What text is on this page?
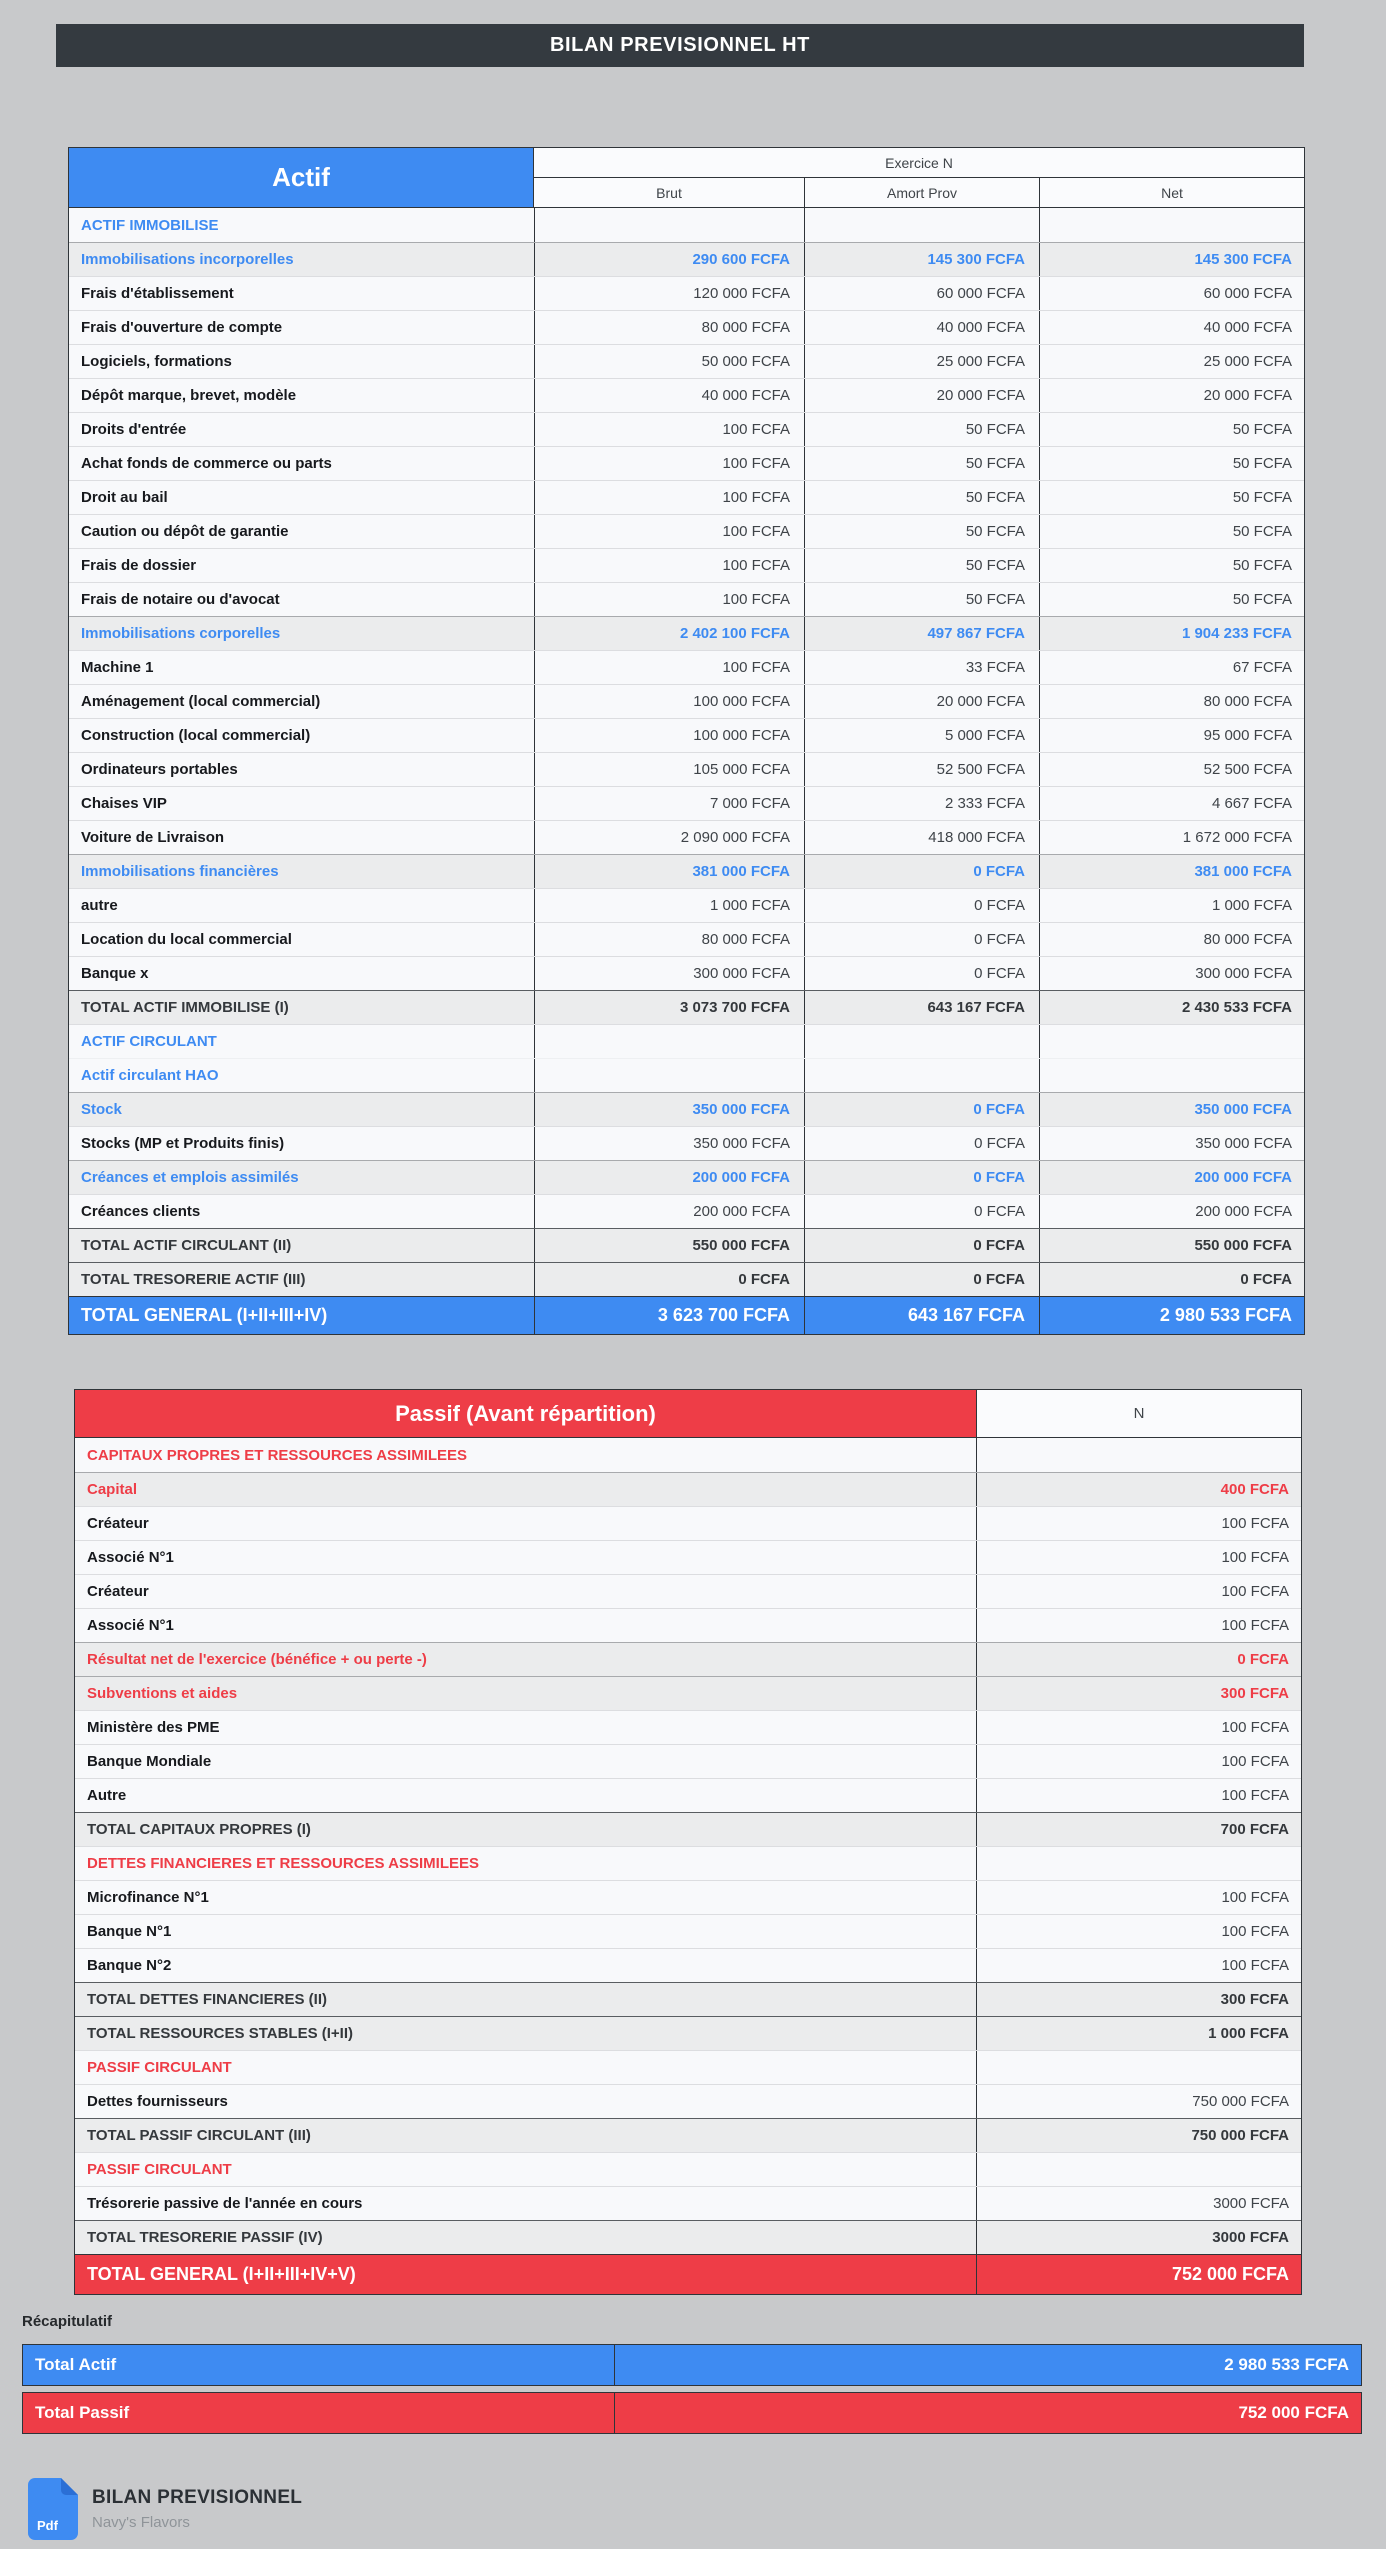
BILAN PREVISIONNEL HT
Actif	Exercice N
Brut	Amort Prov	Net
ACTIF IMMOBILISE
Immobilisations incorporelles	290 600 FCFA	145 300 FCFA	145 300 FCFA
Frais d'établissement	120 000 FCFA	60 000 FCFA	60 000 FCFA
Frais d'ouverture de compte	80 000 FCFA	40 000 FCFA	40 000 FCFA
Logiciels, formations	50 000 FCFA	25 000 FCFA	25 000 FCFA
Dépôt marque, brevet, modèle	40 000 FCFA	20 000 FCFA	20 000 FCFA
Droits d'entrée	100 FCFA	50 FCFA	50 FCFA
Achat fonds de commerce ou parts	100 FCFA	50 FCFA	50 FCFA
Droit au bail	100 FCFA	50 FCFA	50 FCFA
Caution ou dépôt de garantie	100 FCFA	50 FCFA	50 FCFA
Frais de dossier	100 FCFA	50 FCFA	50 FCFA
Frais de notaire ou d'avocat	100 FCFA	50 FCFA	50 FCFA
Immobilisations corporelles	2 402 100 FCFA	497 867 FCFA	1 904 233 FCFA
Machine 1	100 FCFA	33 FCFA	67 FCFA
Aménagement (local commercial)	100 000 FCFA	20 000 FCFA	80 000 FCFA
Construction (local commercial)	100 000 FCFA	5 000 FCFA	95 000 FCFA
Ordinateurs portables	105 000 FCFA	52 500 FCFA	52 500 FCFA
Chaises VIP	7 000 FCFA	2 333 FCFA	4 667 FCFA
Voiture de Livraison	2 090 000 FCFA	418 000 FCFA	1 672 000 FCFA
Immobilisations financières	381 000 FCFA	0 FCFA	381 000 FCFA
autre	1 000 FCFA	0 FCFA	1 000 FCFA
Location du local commercial	80 000 FCFA	0 FCFA	80 000 FCFA
Banque x	300 000 FCFA	0 FCFA	300 000 FCFA
TOTAL ACTIF IMMOBILISE (I)	3 073 700 FCFA	643 167 FCFA	2 430 533 FCFA
ACTIF CIRCULANT
Actif circulant HAO
Stock	350 000 FCFA	0 FCFA	350 000 FCFA
Stocks (MP et Produits finis)	350 000 FCFA	0 FCFA	350 000 FCFA
Créances et emplois assimilés	200 000 FCFA	0 FCFA	200 000 FCFA
Créances clients	200 000 FCFA	0 FCFA	200 000 FCFA
TOTAL ACTIF CIRCULANT (II)	550 000 FCFA	0 FCFA	550 000 FCFA
TOTAL TRESORERIE ACTIF (III)	0 FCFA	0 FCFA	0 FCFA
TOTAL GENERAL (I+II+III+IV)	3 623 700 FCFA	643 167 FCFA	2 980 533 FCFA
Passif (Avant répartition)	N
CAPITAUX PROPRES ET RESSOURCES ASSIMILEES
Capital	400 FCFA
Créateur	100 FCFA
Associé N°1	100 FCFA
Créateur	100 FCFA
Associé N°1	100 FCFA
Résultat net de l'exercice (bénéfice + ou perte -)	0 FCFA
Subventions et aides	300 FCFA
Ministère des PME	100 FCFA
Banque Mondiale	100 FCFA
Autre	100 FCFA
TOTAL CAPITAUX PROPRES (I)	700 FCFA
DETTES FINANCIERES ET RESSOURCES ASSIMILEES
Microfinance N°1	100 FCFA
Banque N°1	100 FCFA
Banque N°2	100 FCFA
TOTAL DETTES FINANCIERES (II)	300 FCFA
TOTAL RESSOURCES STABLES (I+II)	1 000 FCFA
PASSIF CIRCULANT
Dettes fournisseurs	750 000 FCFA
TOTAL PASSIF CIRCULANT (III)	750 000 FCFA
PASSIF CIRCULANT
Trésorerie passive de l'année en cours	3000 FCFA
TOTAL TRESORERIE PASSIF (IV)	3000 FCFA
TOTAL GENERAL (I+II+III+IV+V)	752 000 FCFA
Récapitulatif
Total Actif	2 980 533 FCFA
Total Passif	752 000 FCFA
Pdf
BILAN PREVISIONNEL
Navy's Flavors
